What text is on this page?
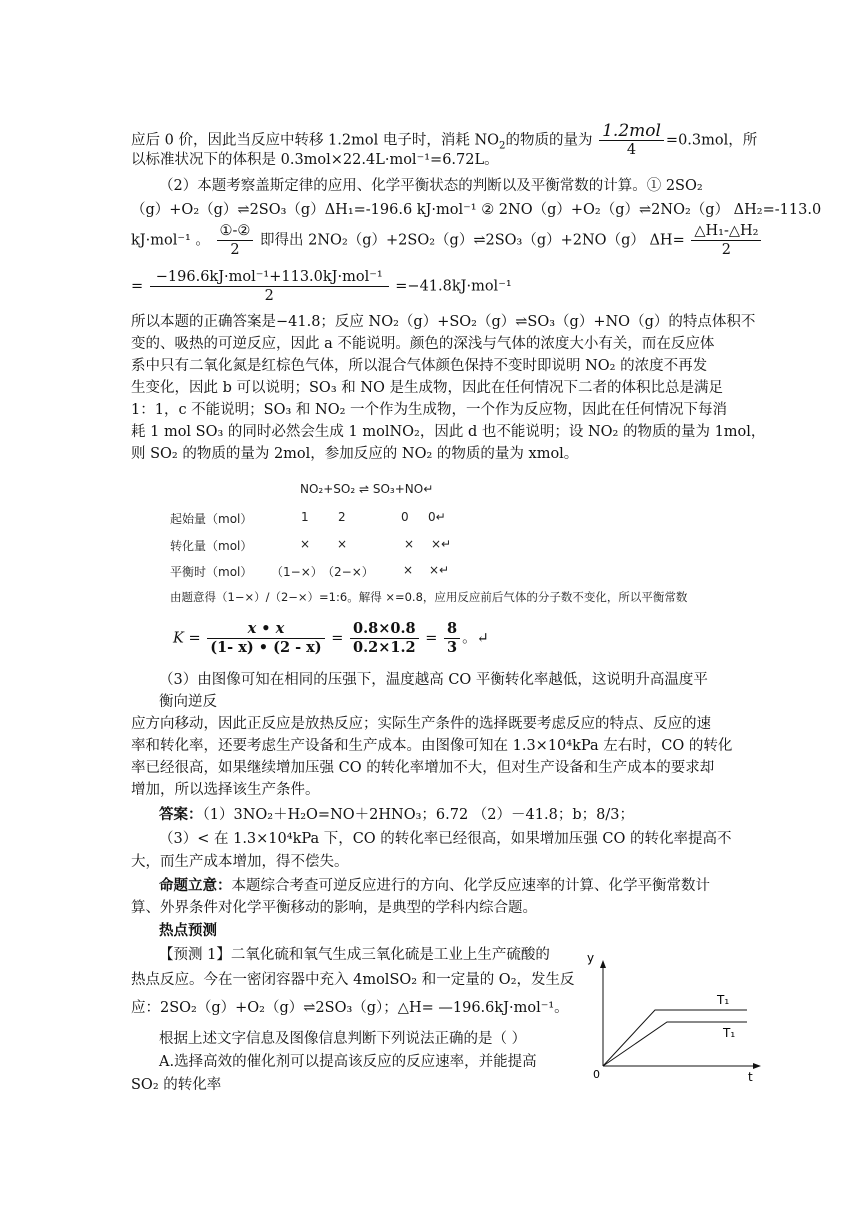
应后 0 价，因此当反应中转移 1.2mol 电子时，消耗 $NO_2$的物质的量为 $\frac{\text{1.2mol}}{4} =0.3mol$，所
以标准状况下的体积是 0.3mol×22.4L·mol⁻¹=6.72L。
（2）本题考察盖斯定律的应用、化学平衡状态的判断以及平衡常数的计算。① 2SO₂
（g）+O₂（g）⇌2SO₃（g）ΔH₁=-196.6 kJ·mol⁻¹ ② 2NO（g）+O₂（g）⇌2NO₂（g） ΔH₂=-113.0
kJ·mol⁻¹ 。 $\frac{\text{①-②}}{2}$ 即得出 2NO₂（g）+2SO₂（g）⇌2SO₃（g）+2NO（g） $\Delta H= \frac{\text{△H₁-△H₂}}{2}$
= $\frac{\text{−196.6kJ·mol⁻¹+113.0kJ·mol⁻¹}}{2} =-41.8kJ\cdot mol^{-1}$
所以本题的正确答案是−41.8；反应 NO₂（g）+SO₂（g）⇌SO₃（g）+NO（g）的特点体积不
变的、吸热的可逆反应，因此 a 不能说明。颜色的深浅与气体的浓度大小有关，而在反应体
系中只有二氧化氮是红棕色气体，所以混合气体颜色保持不变时即说明 NO₂ 的浓度不再发
生变化，因此 b 可以说明；SO₃ 和 NO 是生成物，因此在任何情况下二者的体积比总是满足
1：1，c 不能说明；SO₃ 和 NO₂ 一个作为生成物，一个作为反应物，因此在任何情况下每消
耗 1 mol SO₃ 的同时必然会生成 1 molNO₂，因此 d 也不能说明；设 NO₂ 的物质的量为 1mol，
则 SO₂ 的物质的量为 2mol，参加反应的 NO₂ 的物质的量为 xmol。
NO₂+SO₂ ⇌ SO₃+NO↵
起始量（mol）	1 2	0 0↵
转化量（mol）	× ×	× ×↵
平衡时（mol） （1−×） （2−×） × ×↵
由题意得（1−×）/（2−×）=1:6。解得 ×=0.8，应用反应前后气体的分子数不变化，所以平衡常数
$K = \frac{x • x}{(1- x) • (2 - x)} = \frac{0.8\times 0.8}{0.2\times 1.2} = \frac{8}{3}$ 。↵
（3）由图像可知在相同的压强下，温度越高 CO 平衡转化率越低，这说明升高温度平
衡向逆反
应方向移动，因此正反应是放热反应；实际生产条件的选择既要考虑反应的特点、反应的速
率和转化率，还要考虑生产设备和生产成本。由图像可知在 1.3×10⁴kPa 左右时，CO 的转化
率已经很高，如果继续增加压强 CO 的转化率增加不大，但对生产设备和生产成本的要求却
增加，所以选择该生产条件。
答案：（1）3NO₂＋H₂O=NO＋2HNO₃；6.72 （2）－41.8；b；8/3；
（3）< 在 1.3×10⁴kPa 下，CO 的转化率已经很高，如果增加压强 CO 的转化率提高不
大，而生产成本增加，得不偿失。
命题立意：本题综合考查可逆反应进行的方向、化学反应速率的计算、化学平衡常数计
算、外界条件对化学平衡移动的影响，是典型的学科内综合题。
热点预测
【预测 1】二氧化硫和氧气生成三氧化硫是工业上生产硫酸的
热点反应。今在一密闭容器中充入 4molSO₂ 和一定量的 O₂，发生反
应：2SO₂（g）+O₂（g）⇌2SO₃（g）；△H= —196.6kJ·mol⁻¹。
根据上述文字信息及图像信息判断下列说法正确的是（ ）
A.选择高效的催化剂可以提高该反应的反应速率，并能提高
SO₂ 的转化率
y
t
0
T₁
T₁
